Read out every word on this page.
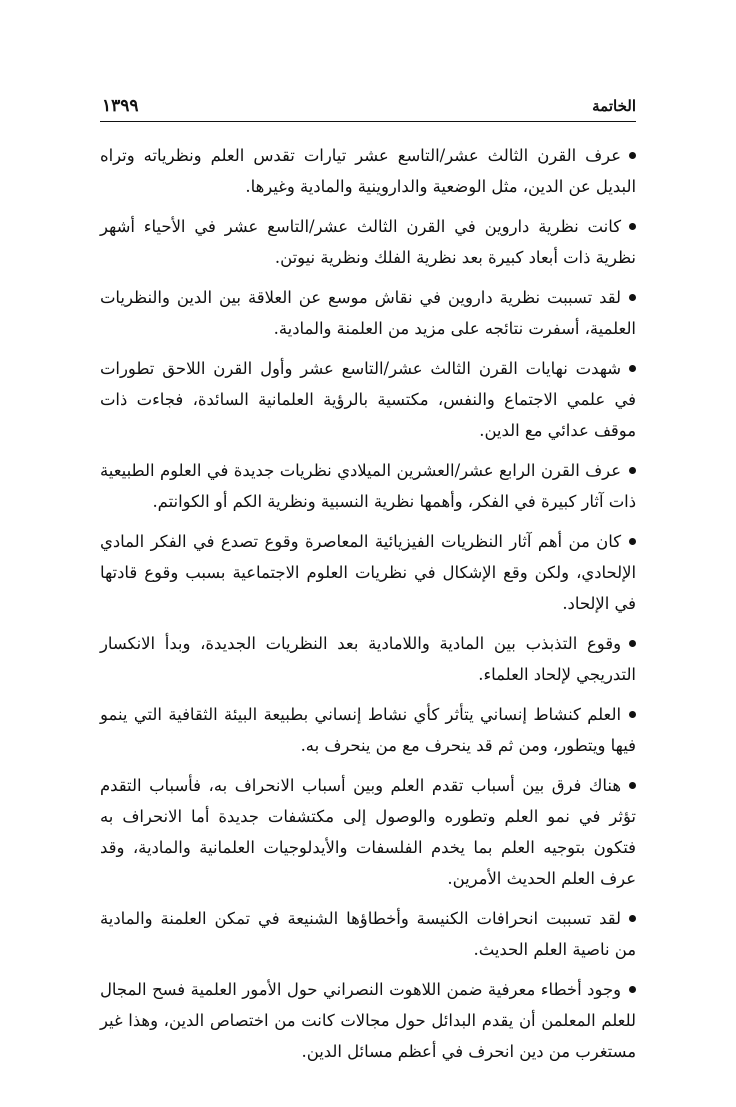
الخاتمة
١٣٩٩

عرف القرن الثالث عشر/التاسع عشر تيارات تقدس العلم ونظرياته وتراه البديل عن الدين، مثل الوضعية والداروينية والمادية وغيرها.

كانت نظرية داروين في القرن الثالث عشر/التاسع عشر في الأحياء أشهر نظرية ذات أبعاد كبيرة بعد نظرية الفلك ونظرية نيوتن.

لقد تسببت نظرية داروين في نقاش موسع عن العلاقة بين الدين والنظريات العلمية، أسفرت نتائجه على مزيد من العلمنة والمادية.

شهدت نهايات القرن الثالث عشر/التاسع عشر وأول القرن اللاحق تطورات في علمي الاجتماع والنفس، مكتسية بالرؤية العلمانية السائدة، فجاءت ذات موقف عدائي مع الدين.

عرف القرن الرابع عشر/العشرين الميلادي نظريات جديدة في العلوم الطبيعية ذات آثار كبيرة في الفكر، وأهمها نظرية النسبية ونظرية الكم أو الكوانتم.

كان من أهم آثار النظريات الفيزيائية المعاصرة وقوع تصدع في الفكر المادي الإلحادي، ولكن وقع الإشكال في نظريات العلوم الاجتماعية بسبب وقوع قادتها في الإلحاد.

وقوع التذبذب بين المادية واللامادية بعد النظريات الجديدة، وبدأ الانكسار التدريجي لإلحاد العلماء.

العلم كنشاط إنساني يتأثر كأي نشاط إنساني بطبيعة البيئة الثقافية التي ينمو فيها ويتطور، ومن ثم قد ينحرف مع من ينحرف به.

هناك فرق بين أسباب تقدم العلم وبين أسباب الانحراف به، فأسباب التقدم تؤثر في نمو العلم وتطوره والوصول إلى مكتشفات جديدة أما الانحراف به فتكون بتوجيه العلم بما يخدم الفلسفات والأيدلوجيات العلمانية والمادية، وقد عرف العلم الحديث الأمرين.

لقد تسببت انحرافات الكنيسة وأخطاؤها الشنيعة في تمكن العلمنة والمادية من ناصية العلم الحديث.

وجود أخطاء معرفية ضمن اللاهوت النصراني حول الأمور العلمية فسح المجال للعلم المعلمن أن يقدم البدائل حول مجالات كانت من اختصاص الدين، وهذا غير مستغرب من دين انحرف في أعظم مسائل الدين.
